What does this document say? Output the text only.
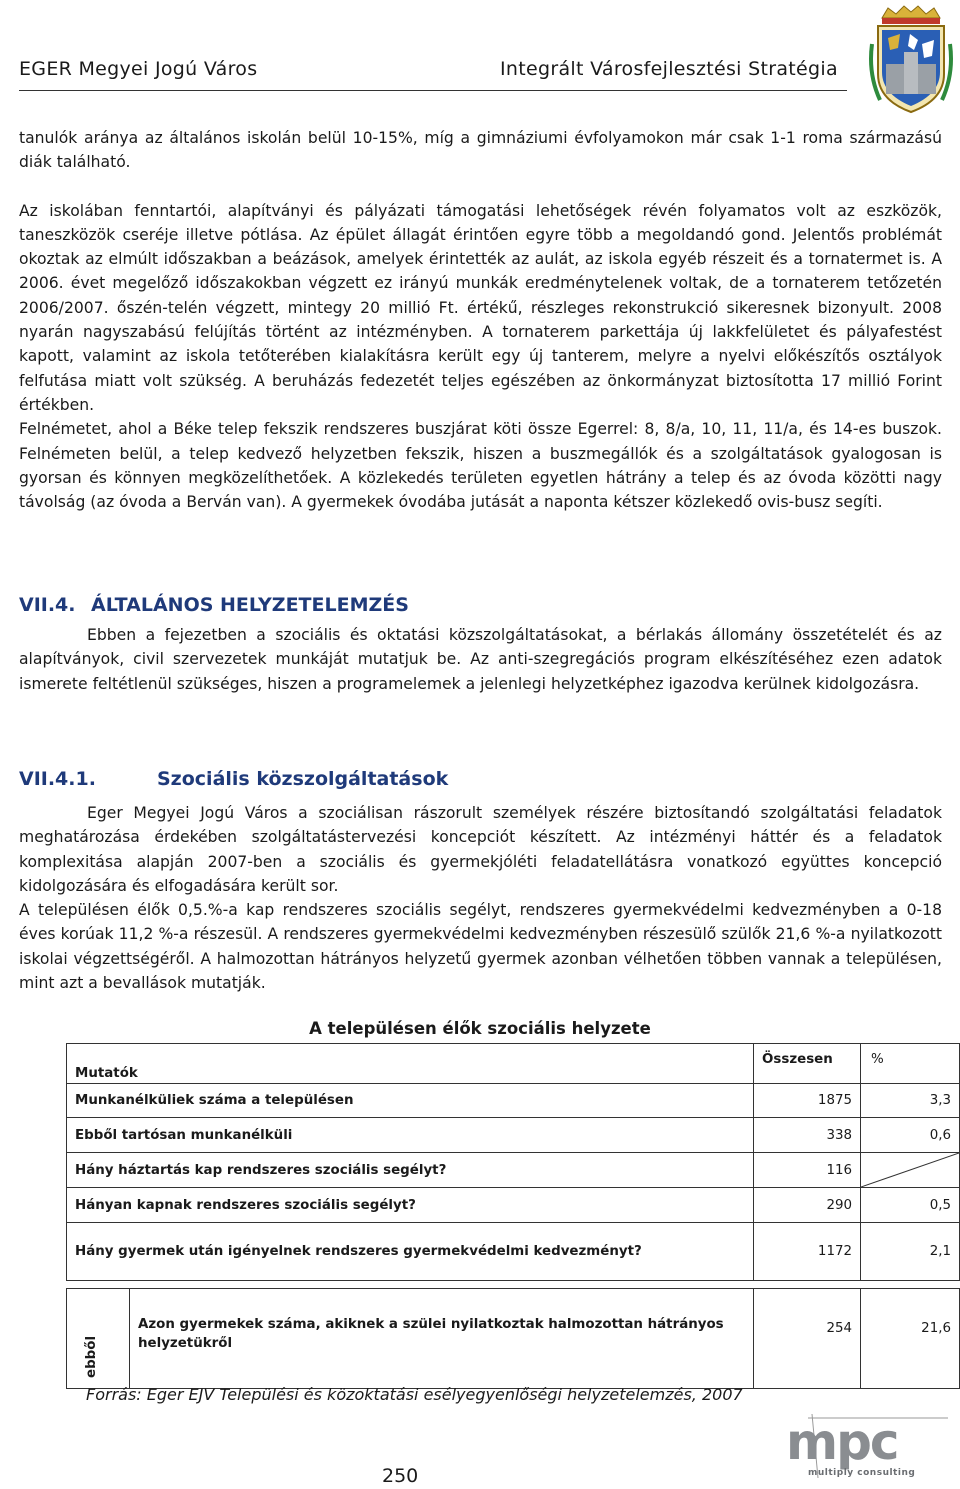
EGER Megyei Jogú Város	Integrált Városfejlesztési Stratégia

tanulók aránya az általános iskolán belül 10-15%, míg a gimnáziumi évfolyamokon már csak 1-1 roma származású diák található.

Az iskolában fenntartói, alapítványi és pályázati támogatási lehetőségek révén folyamatos volt az eszközök, taneszközök cseréje illetve pótlása. Az épület állagát érintően egyre több a megoldandó gond. Jelentős problémát okoztak az elmúlt időszakban a beázások, amelyek érintették az aulát, az iskola egyéb részeit és a tornatermet is. A 2006. évet megelőző időszakokban végzett ez irányú munkák eredménytelenek voltak, de a tornaterem tetőzetén 2006/2007. őszén-telén végzett, mintegy 20 millió Ft. értékű, részleges rekonstrukció sikeresnek bizonyult. 2008 nyarán nagyszabású felújítás történt az intézményben. A tornaterem parkettája új lakkfelületet és pályafestést kapott, valamint az iskola tetőterében kialakításra került egy új tanterem, melyre a nyelvi előkészítős osztályok felfutása miatt volt szükség. A beruházás fedezetét teljes egészében az önkormányzat biztosította 17 millió Forint értékben.

Felnémetet, ahol a Béke telep fekszik rendszeres buszjárat köti össze Egerrel: 8, 8/a, 10, 11, 11/a, és 14-es buszok. Felnémeten belül, a telep kedvező helyzetben fekszik, hiszen a buszmegállók és a szolgáltatások gyalogosan is gyorsan és könnyen megközelíthetőek. A közlekedés területen egyetlen hátrány a telep és az óvoda közötti nagy távolság (az óvoda a Berván van). A gyermekek óvodába jutását a naponta kétszer közlekedő ovis-busz segíti.

VII.4. ÁLTALÁNOS HELYZETELEMZÉS
Ebben a fejezetben a szociális és oktatási közszolgáltatásokat, a bérlakás állomány összetételét és az alapítványok, civil szervezetek munkáját mutatjuk be. Az anti-szegregációs program elkészítéséhez ezen adatok ismerete feltétlenül szükséges, hiszen a programelemek a jelenlegi helyzetképhez igazodva kerülnek kidolgozásra.
VII.4.1.	Szociális közszolgáltatások

Eger Megyei Jogú Város a szociálisan rászorult személyek részére biztosítandó szolgáltatási feladatok meghatározása érdekében szolgáltatástervezési koncepciót készített. Az intézményi háttér és a feladatok komplexitása alapján 2007-ben a szociális és gyermekjóléti feladatellátásra vonatkozó együttes koncepció kidolgozására és elfogadására került sor.

A településen élők 0,5.%-a kap rendszeres szociális segélyt, rendszeres gyermekvédelmi kedvezményben a 0-18 éves korúak 11,2 %-a részesül. A rendszeres gyermekvédelmi kedvezményben részesülő szülők 21,6 %-a nyilatkozott iskolai végzettségéről. A halmozottan hátrányos helyzetű gyermek azonban vélhetően többen vannak a településen, mint azt a bevallások mutatják.

A településen élők szociális helyzete
Mutatók		Összesen	%
Munkanélküliek száma a településen		1875	3,3
Ebből tartósan munkanélküli		338	0,6
Hány háztartás kap rendszeres szociális segélyt?		116	

Hányan kapnak rendszeres szociális segélyt?		290	0,5
Hány gyermek után igényelnek rendszeres gyermekvédelmi kedvezményt?		1172	2,1

ebből	Azon gyermekek száma, akiknek a szülei nyilatkoztak halmozottan hátrányos helyzetükről	254	21,6
Forrás: Eger EJV Települési és közoktatási esélyegyenlőségi helyzetelemzés, 2007
250
mpc
multiply consulting
